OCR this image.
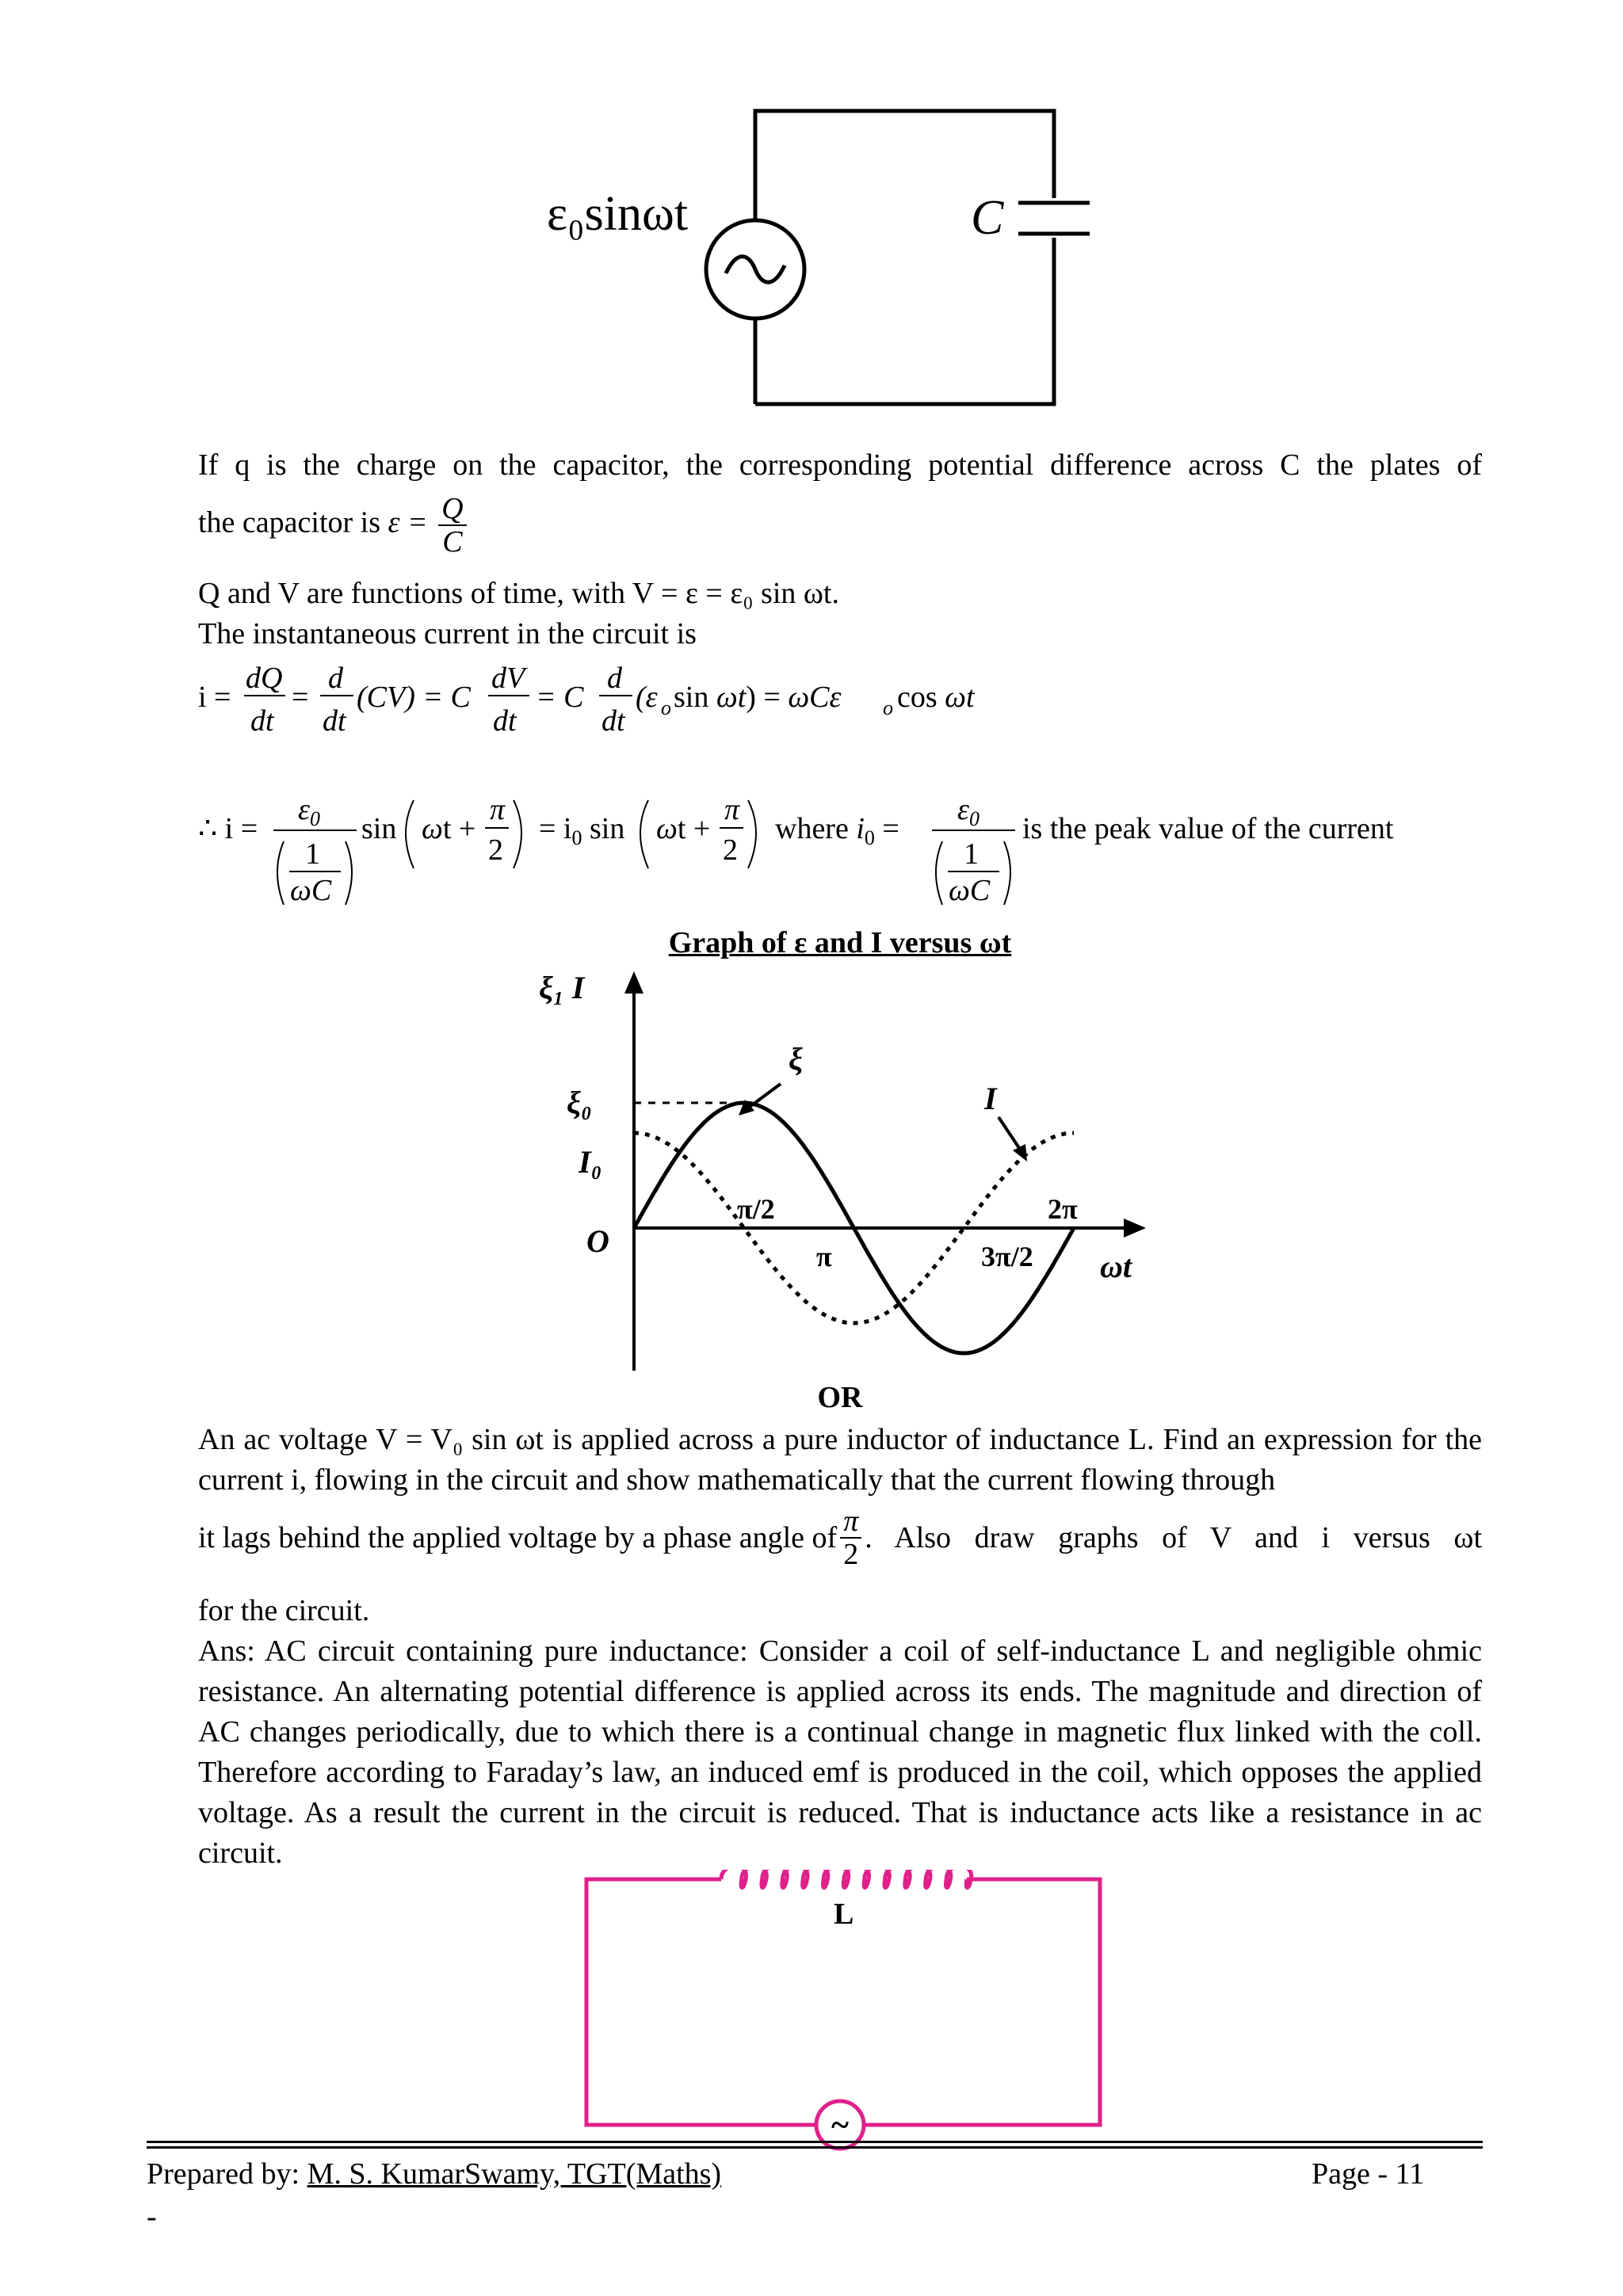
ε₀sinωt	C
If q is the charge on the capacitor, the corresponding potential difference across C the plates of
the capacitor is $\varepsilon = \frac{Q}{C}$
Q and V are functions of time, with V = ε = ε₀ sin ωt.
The instantaneous current in the circuit is
i =
dQ
dt
=
d
dt
(CV) = C
dV
dt
= C
d
dt
(ε o sin ωt) = ωCε o cos ωt
∴ i =
$\varepsilon_0$
1
ωC
sin ωt +
π
2
= $i_0$ sin ωt +
π
2
where $i_0$ =
$\varepsilon_0$
1
ωC
is the peak value of the current
Graph of ε and I versus ωt
ξ₁ I
ξ
I
ξ₀
I₀
O
ωt
π/2
π	3π/2
2π
OR
An ac voltage V = V₀ sin ωt is applied across a pure inductor of inductance L. Find an expression for the current i, flowing in the circuit and show mathematically that the current flowing through
it lags behind the applied voltage by a phase angle of $\frac{\pi}{2}$ . Also draw graphs of V and i versus ωt
for the circuit.
Ans: AC circuit containing pure inductance: Consider a coil of self-inductance L and negligible ohmic resistance. An alternating potential difference is applied across its ends. The magnitude and direction of AC changes periodically, due to which there is a continual change in magnetic flux linked with the coll. Therefore according to Faraday’s law, an induced emf is produced in the coil, which opposes the applied voltage. As a result the current in the circuit is reduced. That is inductance acts like a resistance in ac circuit.
~
L
Prepared by: M. S. KumarSwamy, TGT(Maths)	Page - 11
-
